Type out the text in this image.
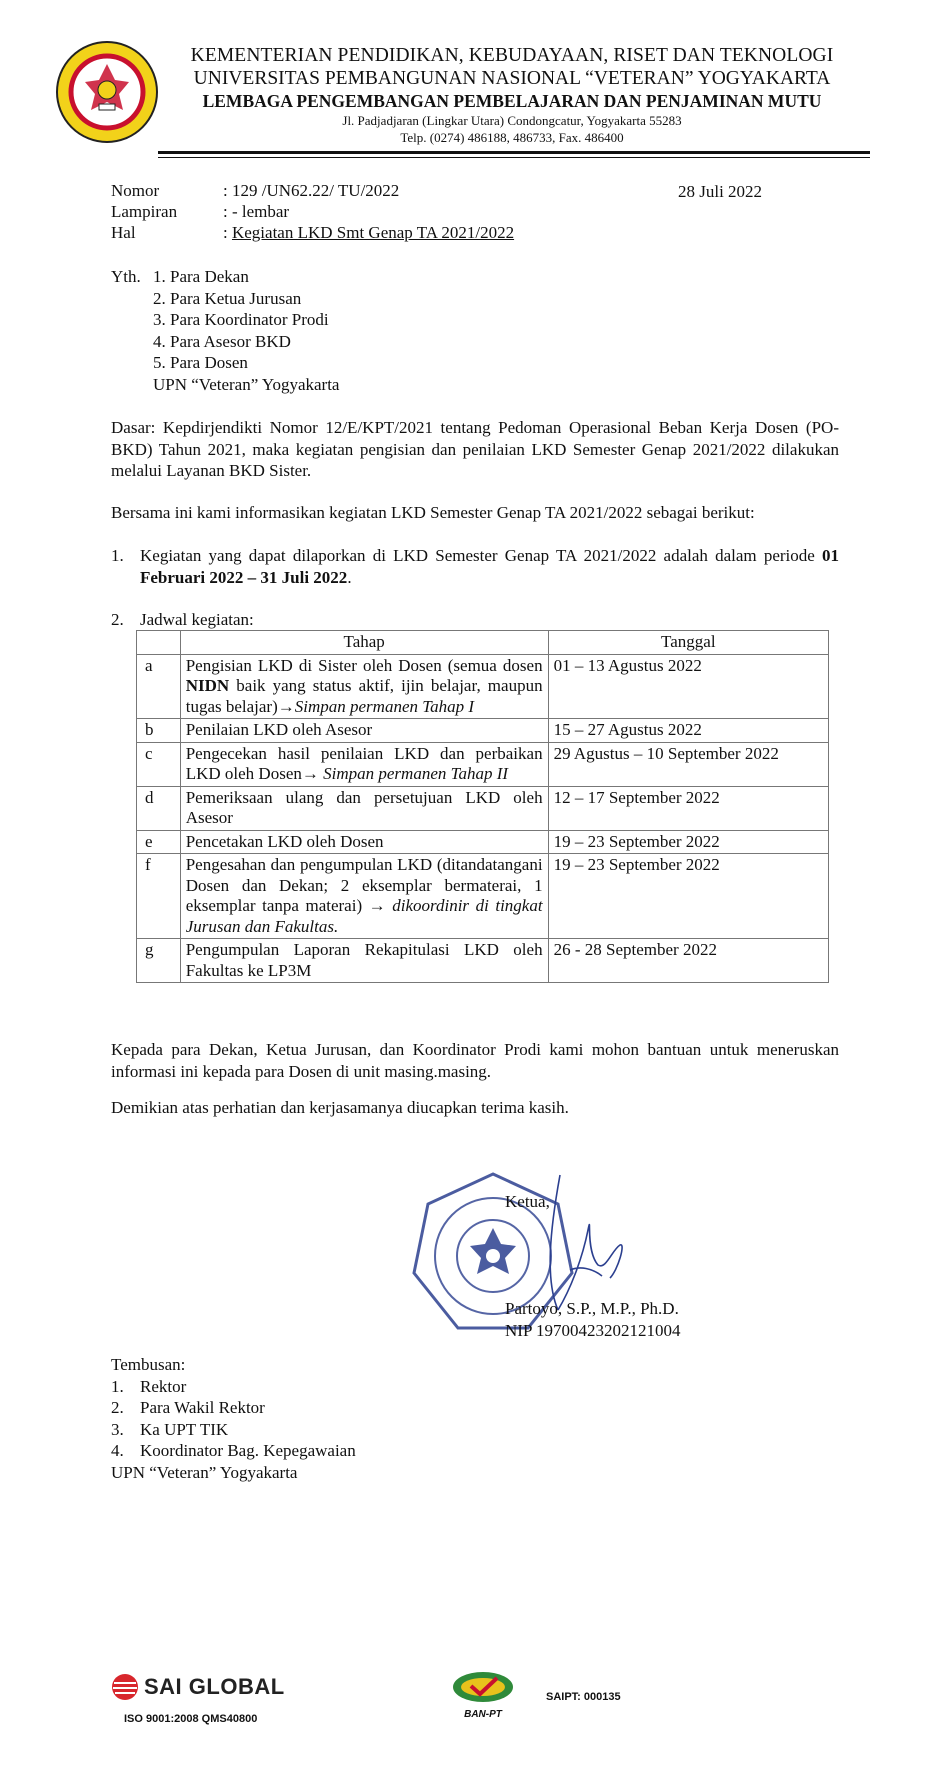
KEMENTERIAN PENDIDIKAN, KEBUDAYAAN, RISET DAN TEKNOLOGI
UNIVERSITAS PEMBANGUNAN NASIONAL “VETERAN” YOGYAKARTA
LEMBAGA PENGEMBANGAN PEMBELAJARAN DAN PENJAMINAN MUTU
Jl. Padjadjaran (Lingkar Utara) Condongcatur, Yogyakarta 55283
Telp. (0274) 486188, 486733, Fax. 486400
Nomor	: 129 /UN62.22/ TU/2022	28 Juli 2022
Lampiran	: - lembar
Hal	: Kegiatan LKD Smt Genap TA 2021/2022
Yth. 1. Para Dekan
2. Para Ketua Jurusan
3. Para Koordinator Prodi
4. Para Asesor BKD
5. Para Dosen
UPN “Veteran” Yogyakarta
Dasar: Kepdirjendikti Nomor 12/E/KPT/2021 tentang Pedoman Operasional Beban Kerja Dosen (PO-BKD) Tahun 2021, maka kegiatan pengisian dan penilaian LKD Semester Genap 2021/2022 dilakukan melalui Layanan BKD Sister.
Bersama ini kami informasikan kegiatan LKD Semester Genap TA 2021/2022 sebagai berikut:
1. Kegiatan yang dapat dilaporkan di LKD Semester Genap TA 2021/2022 adalah dalam periode 01 Februari 2022 – 31 Juli 2022.
2. Jadwal kegiatan:
	Tahap	Tanggal
a	Pengisian LKD di Sister oleh Dosen (semua dosen NIDN baik yang status aktif, ijin belajar, maupun tugas belajar)→Simpan permanen Tahap I	01 – 13 Agustus 2022
b	Penilaian LKD oleh Asesor	15 – 27 Agustus 2022
c	Pengecekan hasil penilaian LKD dan perbaikan LKD oleh Dosen→ Simpan permanen Tahap II	29 Agustus – 10 September 2022
d	Pemeriksaan ulang dan persetujuan LKD oleh Asesor	12 – 17 September 2022
e	Pencetakan LKD oleh Dosen	19 – 23 September 2022
f	Pengesahan dan pengumpulan LKD (ditandatangani Dosen dan Dekan; 2 eksemplar bermaterai, 1 eksemplar tanpa materai) → dikoordinir di tingkat Jurusan dan Fakultas.	19 – 23 September 2022
g	Pengumpulan Laporan Rekapitulasi LKD oleh Fakultas ke LP3M	26 - 28 September 2022
Kepada para Dekan, Ketua Jurusan, dan Koordinator Prodi kami mohon bantuan untuk meneruskan informasi ini kepada para Dosen di unit masing.masing.
Demikian atas perhatian dan kerjasamanya diucapkan terima kasih.
Ketua,
Partoyo, S.P., M.P., Ph.D.
NIP 19700423202121004
Tembusan:
1. Rektor
2. Para Wakil Rektor
3. Ka UPT TIK
4. Koordinator Bag. Kepegawaian
UPN “Veteran” Yogyakarta
SAI GLOBAL
ISO 9001:2008 QMS40800	BAN-PT
SAIPT: 000135
